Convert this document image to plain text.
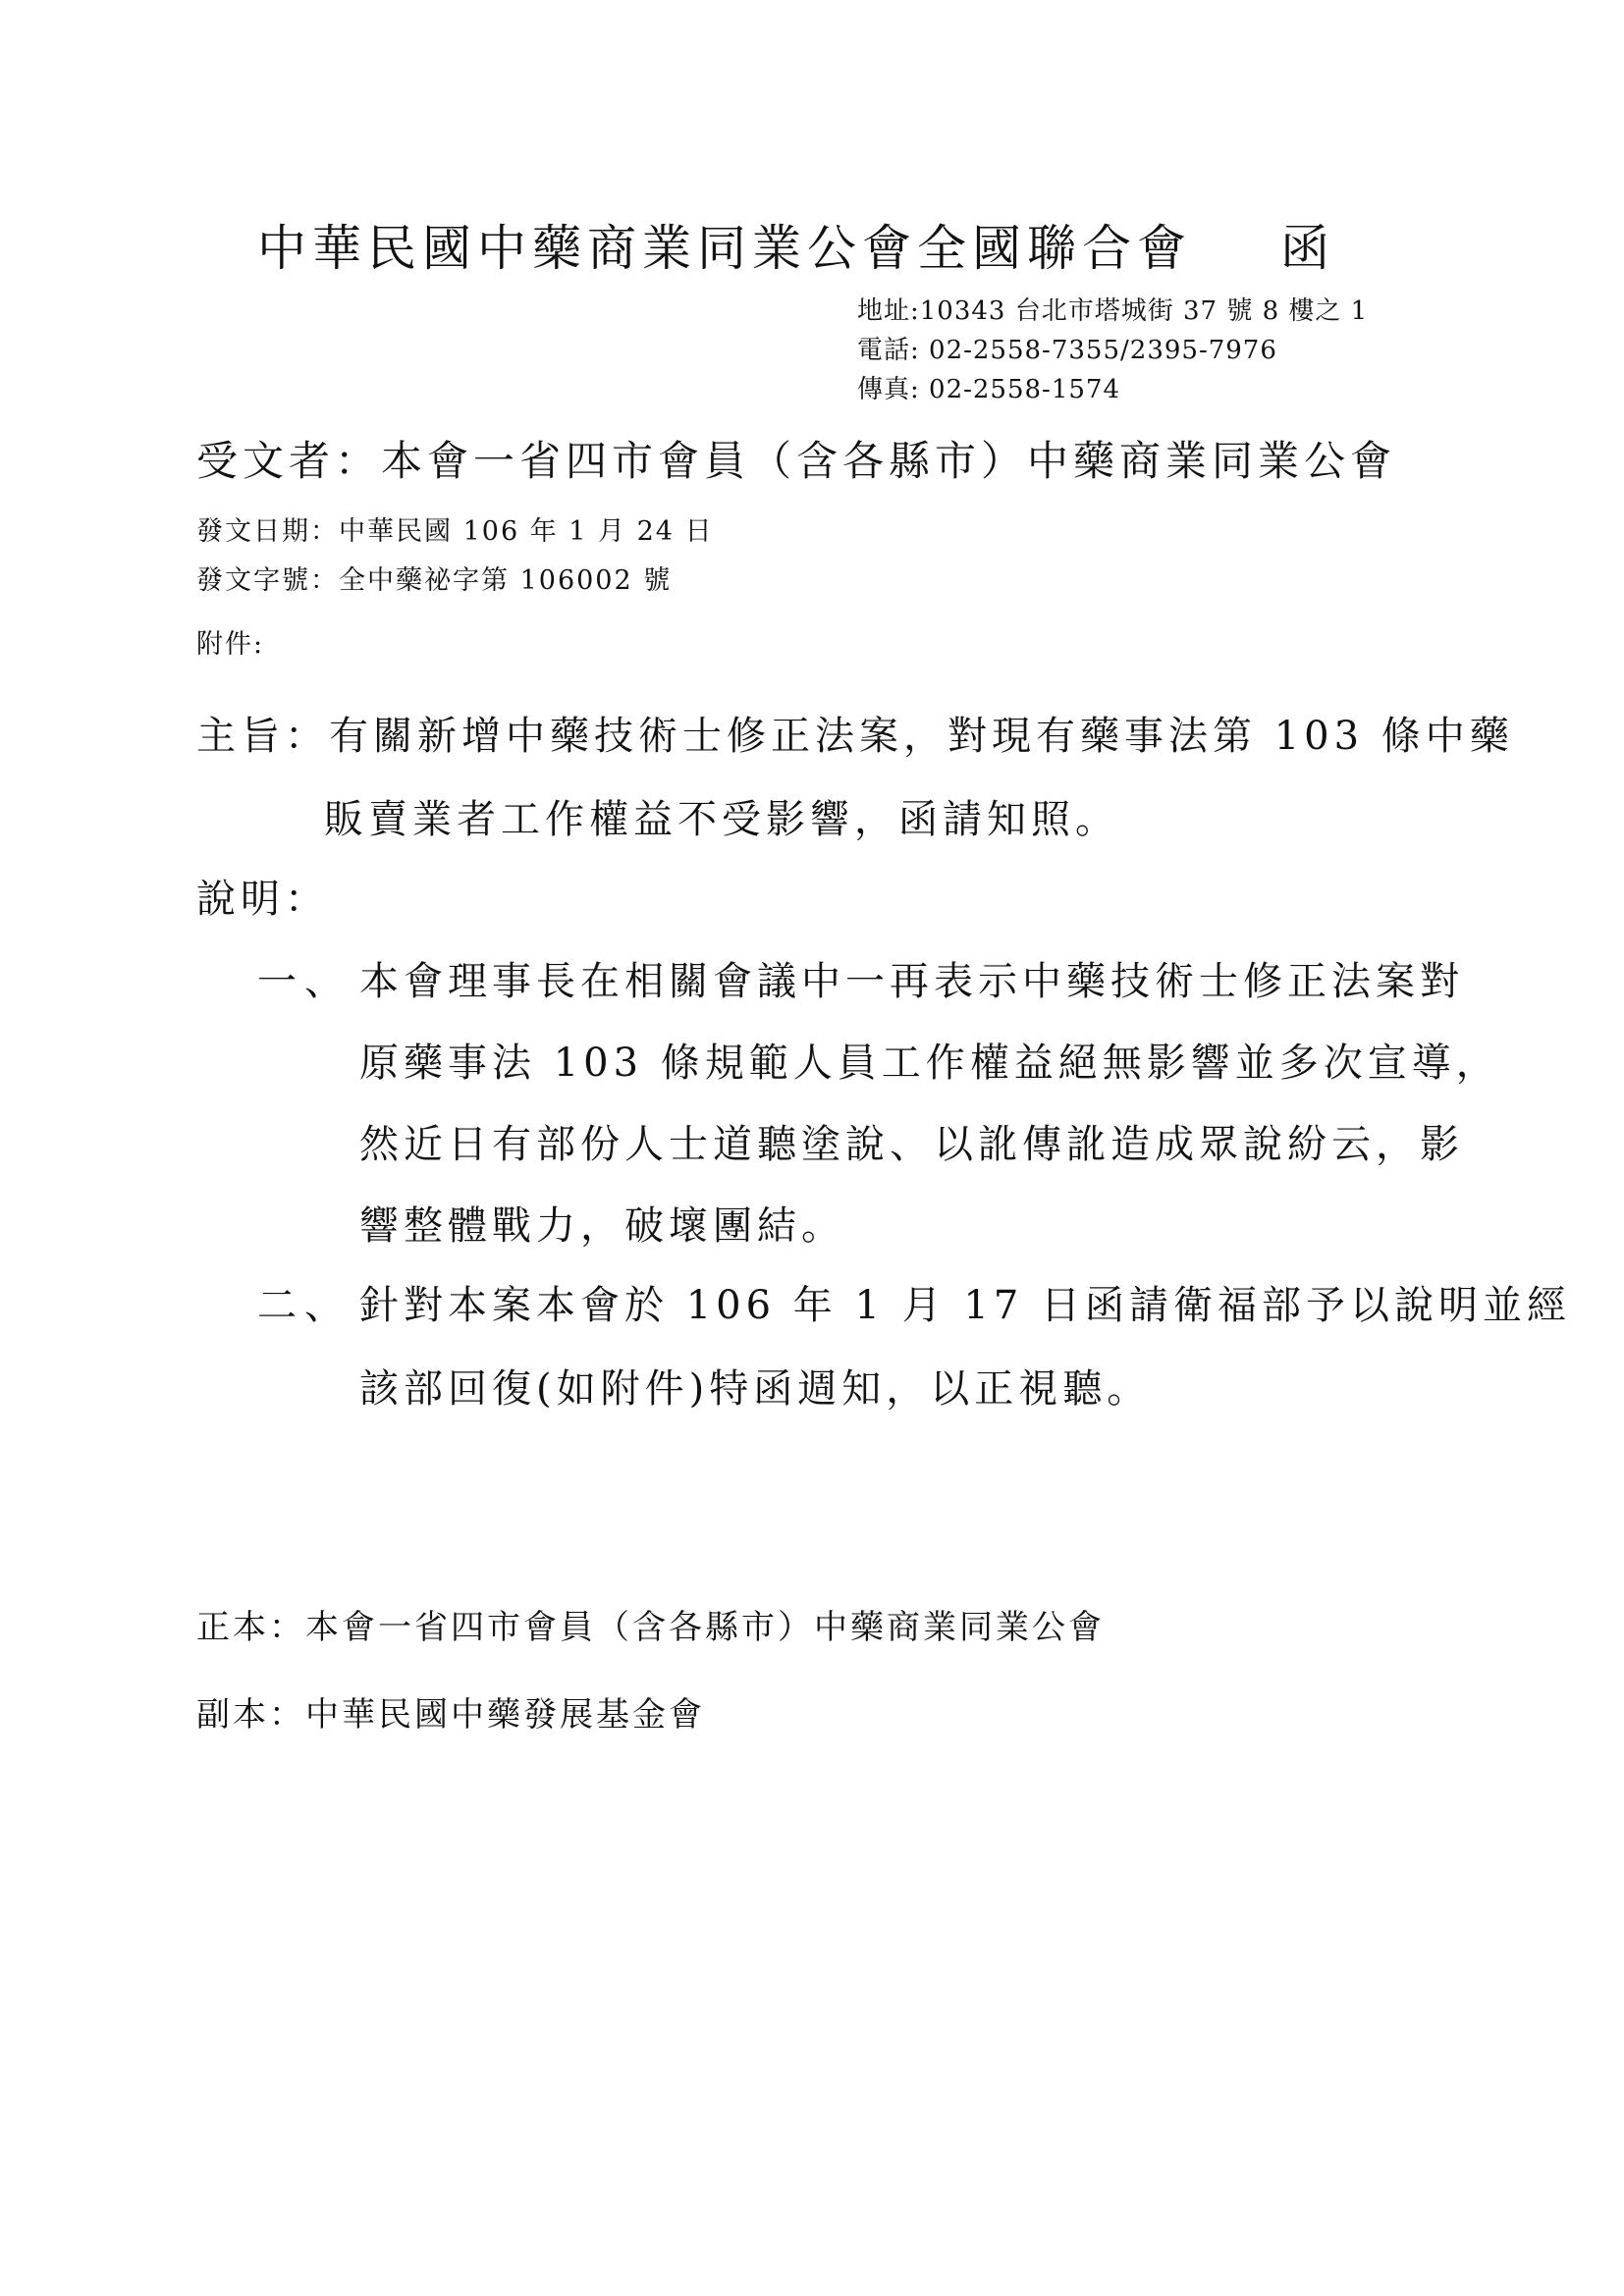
中華民國中藥商業同業公會全國聯合會 函
地址:10343 台北市塔城街 37 號 8 樓之 1
電話: 02-2558-7355/2395-7976
傳真: 02-2558-1574
受文者：本會一省四市會員（含各縣市）中藥商業同業公會
發文日期：中華民國 106 年 1 月 24 日
發文字號：全中藥祕字第 106002 號
附件:
主旨：有關新增中藥技術士修正法案，對現有藥事法第 103 條中藥
販賣業者工作權益不受影響，函請知照。
說明：
一、 本會理事長在相關會議中一再表示中藥技術士修正法案對
原藥事法 103 條規範人員工作權益絕無影響並多次宣導，
然近日有部份人士道聽塗說、以訛傳訛造成眾說紛云，影
響整體戰力，破壞團結。
二、 針對本案本會於 106 年 1 月 17 日函請衛福部予以說明並經
該部回復(如附件)特函週知，以正視聽。
正本：本會一省四市會員（含各縣市）中藥商業同業公會
副本：中華民國中藥發展基金會
